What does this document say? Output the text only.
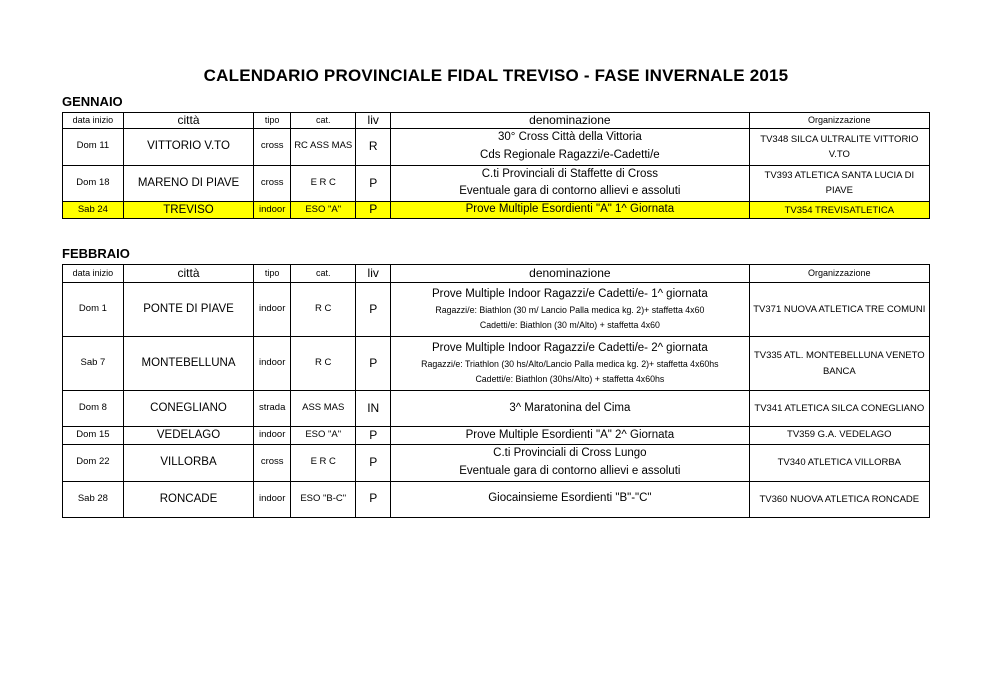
CALENDARIO PROVINCIALE FIDAL TREVISO - FASE INVERNALE 2015
GENNAIO
data inizio	città	tipo	cat.	liv	denominazione	Organizzazione
Dom 11	VITTORIO V.TO	cross	RC ASS MAS	R	30° Cross Città della Vittoria
Cds Regionale Ragazzi/e-Cadetti/e	TV348 SILCA ULTRALITE VITTORIO V.TO
Dom 18	MARENO DI PIAVE	cross	E R C	P	C.ti Provinciali di Staffette di Cross
Eventuale gara di contorno allievi e assoluti	TV393 ATLETICA SANTA LUCIA DI PIAVE
Sab 24	TREVISO	indoor	ESO "A"	P	Prove Multiple Esordienti "A" 1^ Giornata	TV354 TREVISATLETICA
FEBBRAIO
data inizio	città	tipo	cat.	liv	denominazione	Organizzazione
Dom 1	PONTE DI PIAVE	indoor	R C	P	Prove Multiple Indoor Ragazzi/e Cadetti/e- 1^ giornata
Ragazzi/e: Biathlon (30 m/ Lancio Palla medica kg. 2)+ staffetta 4x60
Cadetti/e: Biathlon (30 m/Alto) + staffetta 4x60	TV371 NUOVA ATLETICA TRE COMUNI
Sab 7	MONTEBELLUNA	indoor	R C	P	Prove Multiple Indoor Ragazzi/e Cadetti/e- 2^ giornata
Ragazzi/e: Triathlon (30 hs/Alto/Lancio Palla medica kg. 2)+ staffetta 4x60hs
Cadetti/e: Biathlon (30hs/Alto) + staffetta 4x60hs	TV335 ATL. MONTEBELLUNA VENETO BANCA
Dom 8	CONEGLIANO	strada	ASS MAS	IN	3^ Maratonina del Cima	TV341 ATLETICA SILCA CONEGLIANO
Dom 15	VEDELAGO	indoor	ESO "A"	P	Prove Multiple Esordienti "A" 2^ Giornata	TV359 G.A. VEDELAGO
Dom 22	VILLORBA	cross	E R C	P	C.ti Provinciali di Cross Lungo
Eventuale gara di contorno allievi e assoluti	TV340 ATLETICA VILLORBA
Sab 28	RONCADE	indoor	ESO "B-C"	P	Giocainsieme Esordienti "B"-"C"	TV360 NUOVA ATLETICA RONCADE
